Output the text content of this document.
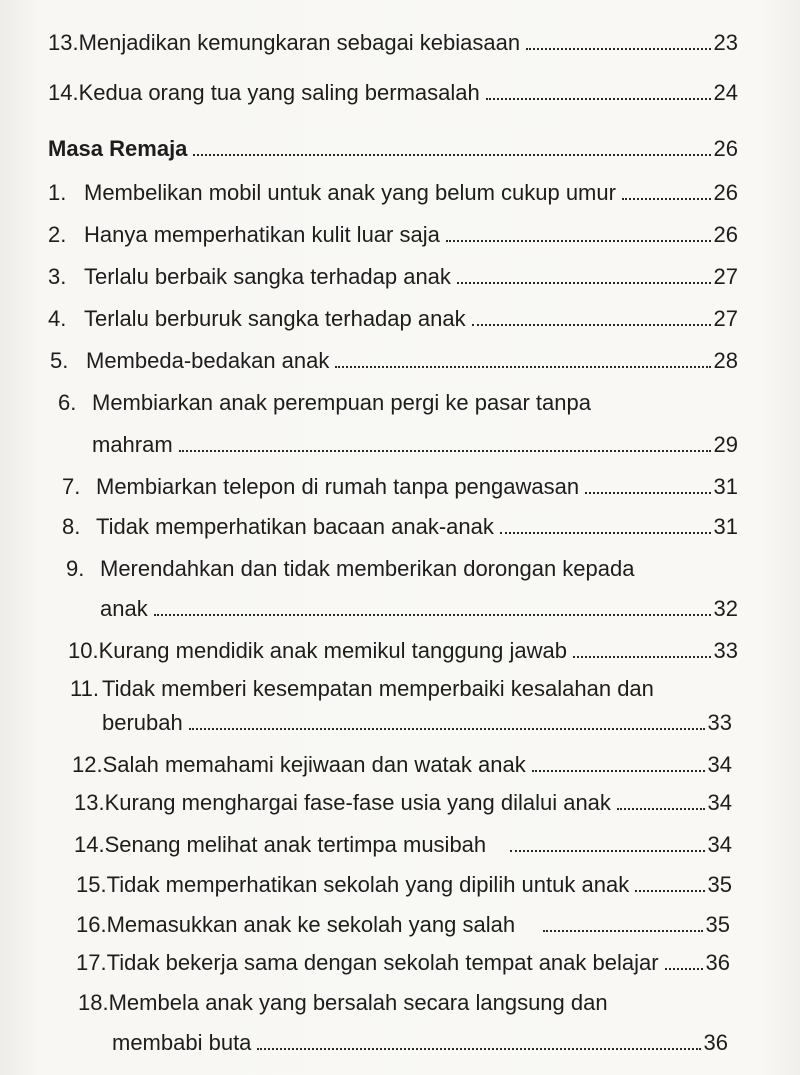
13. Menjadikan kemungkaran sebagai kebiasaan	23
14. Kedua orang tua yang saling bermasalah	24
Masa Remaja	26
1. Membelikan mobil untuk anak yang belum cukup umur	26
2. Hanya memperhatikan kulit luar saja	26
3. Terlalu berbaik sangka terhadap anak	27
4. Terlalu berburuk sangka terhadap anak	27
5. Membeda-bedakan anak	28
6. Membiarkan anak perempuan pergi ke pasar tanpa
mahram	29
7. Membiarkan telepon di rumah tanpa pengawasan	31
8. Tidak memperhatikan bacaan anak-anak	31
9. Merendahkan dan tidak memberikan dorongan kepada
anak	32
10. Kurang mendidik anak memikul tanggung jawab	33
11. Tidak memberi kesempatan memperbaiki kesalahan dan
berubah	33
12. Salah memahami kejiwaan dan watak anak	34
13. Kurang menghargai fase-fase usia yang dilalui anak	34
14. Senang melihat anak tertimpa musibah	34
15. Tidak memperhatikan sekolah yang dipilih untuk anak	35
16. Memasukkan anak ke sekolah yang salah	35
17. Tidak bekerja sama dengan sekolah tempat anak belajar 36
18. Membela anak yang bersalah secara langsung dan
membabi buta	36
